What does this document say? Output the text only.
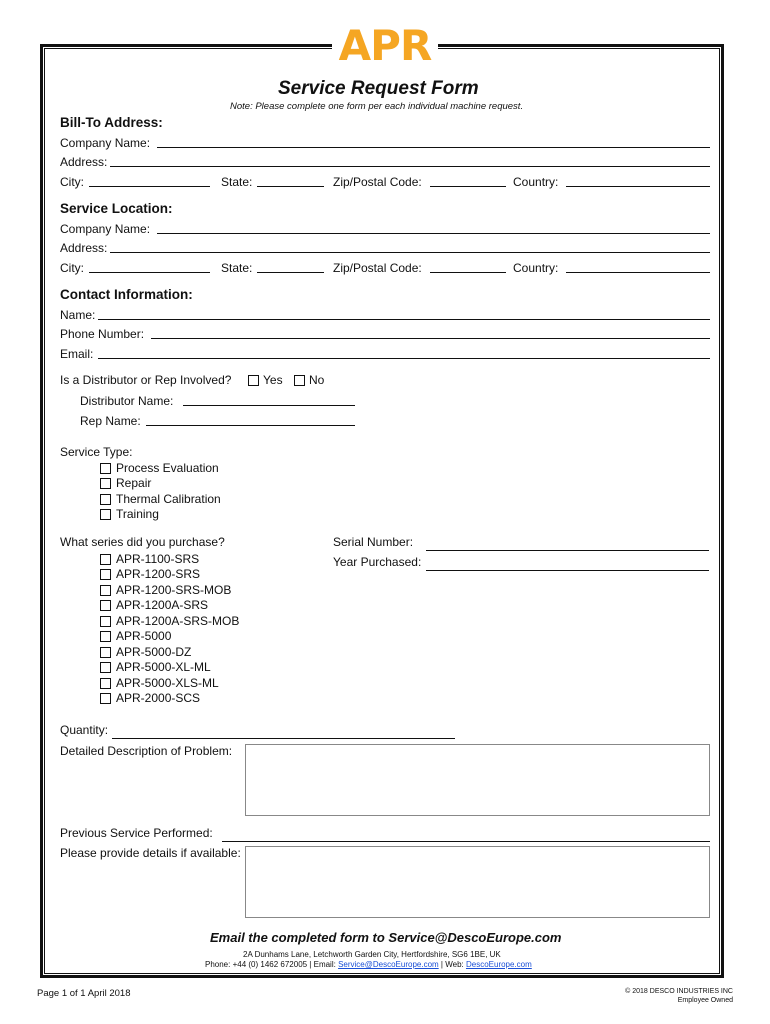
APR
Service Request Form
Note: Please complete one form per each individual machine request.
Bill-To Address:
Company Name:
Address:
City:	State:	Zip/Postal Code:	Country:
Service Location:
Company Name:
Address:
City:	State:	Zip/Postal Code:	Country:
Contact Information:
Name:
Phone Number:
Email:
Is a Distributor or Rep Involved?	Yes No
Distributor Name:
Rep Name:
Service Type:
Process Evaluation
Repair
Thermal Calibration
Training
What series did you purchase?
APR-1100-SRS
APR-1200-SRS
APR-1200-SRS-MOB
APR-1200A-SRS
APR-1200A-SRS-MOB
APR-5000
APR-5000-DZ
APR-5000-XL-ML
APR-5000-XLS-ML
APR-2000-SCS
Serial Number:
Year Purchased:
Quantity:
Detailed Description of Problem:
Previous Service Performed:
Please provide details if available:
Email the completed form to Service@DescoEurope.com
2A Dunhams Lane, Letchworth Garden City, Hertfordshire, SG6 1BE, UK
Phone: +44 (0) 1462 672005 | Email: Service@DescoEurope.com | Web: DescoEurope.com
Page 1 of 1 April 2018	© 2018 DESCO INDUSTRIES INC
Employee Owned
